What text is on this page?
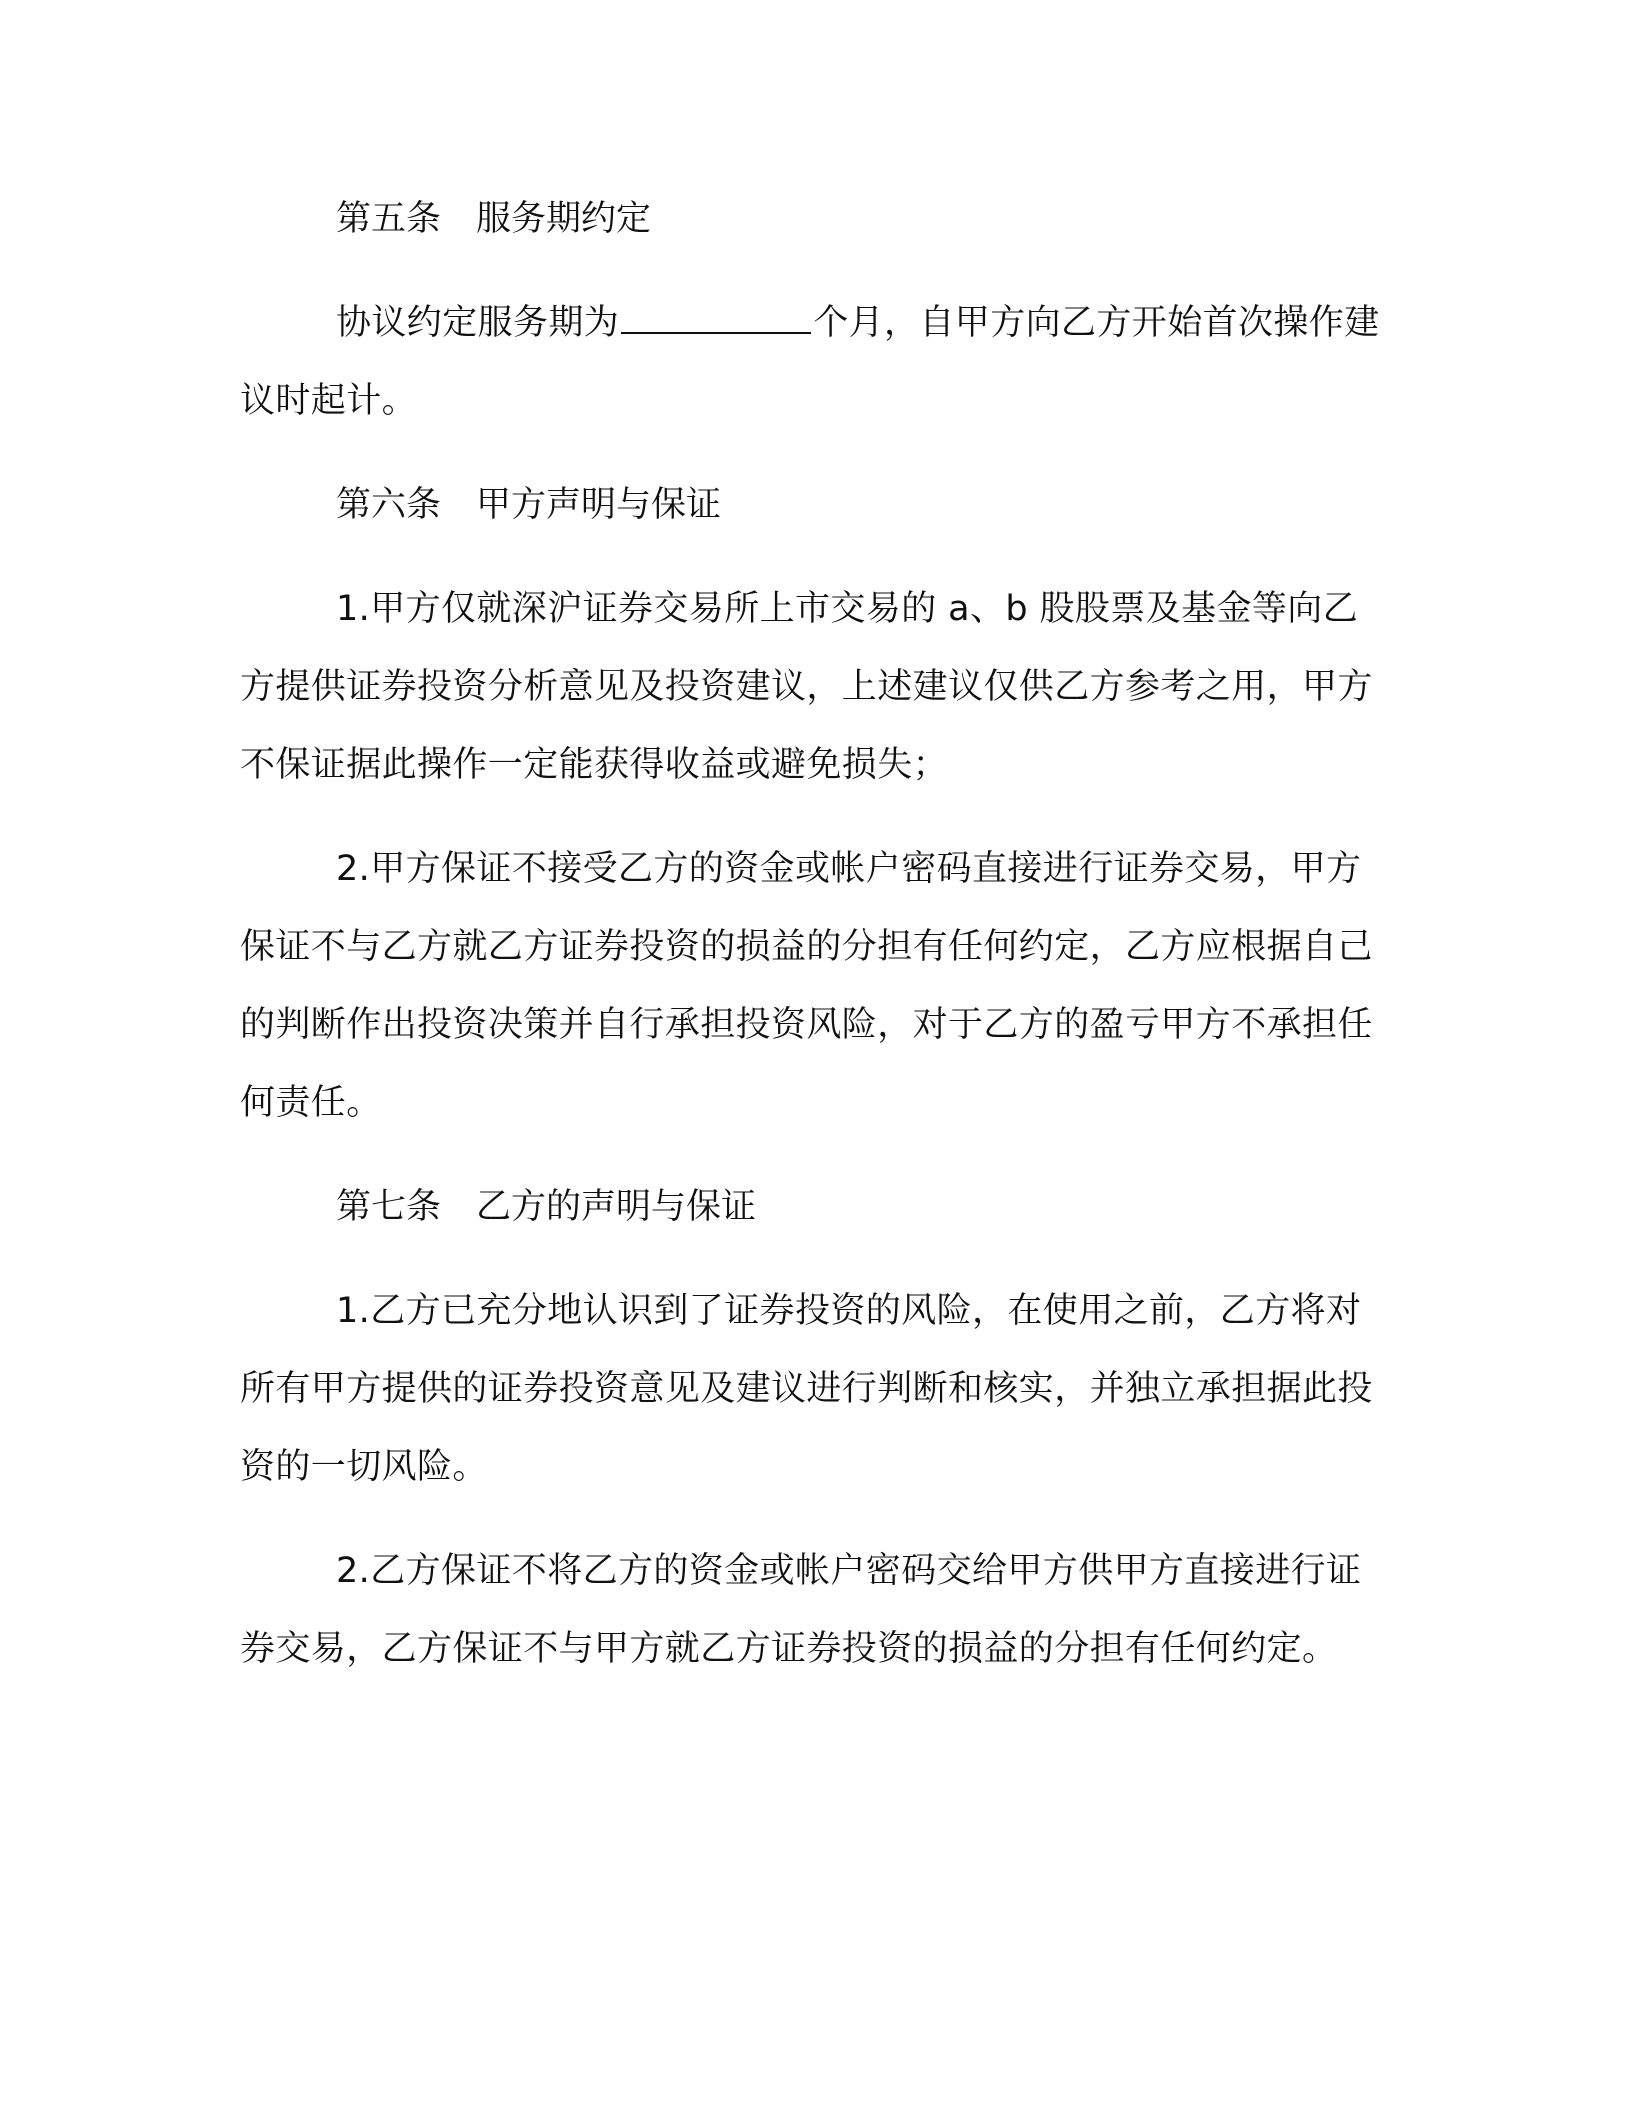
第五条　服务期约定

协议约定服务期为	个月，自甲方向乙方开始首次操作建议时起计。

第六条　甲方声明与保证

1.甲方仅就深沪证券交易所上市交易的 a、b 股股票及基金等向乙方提供证券投资分析意见及投资建议，上述建议仅供乙方参考之用，甲方不保证据此操作一定能获得收益或避免损失；

2.甲方保证不接受乙方的资金或帐户密码直接进行证券交易，甲方保证不与乙方就乙方证券投资的损益的分担有任何约定，乙方应根据自己的判断作出投资决策并自行承担投资风险，对于乙方的盈亏甲方不承担任何责任。

第七条　乙方的声明与保证

1.乙方已充分地认识到了证券投资的风险，在使用之前，乙方将对所有甲方提供的证券投资意见及建议进行判断和核实，并独立承担据此投资的一切风险。

2.乙方保证不将乙方的资金或帐户密码交给甲方供甲方直接进行证券交易，乙方保证不与甲方就乙方证券投资的损益的分担有任何约定。
